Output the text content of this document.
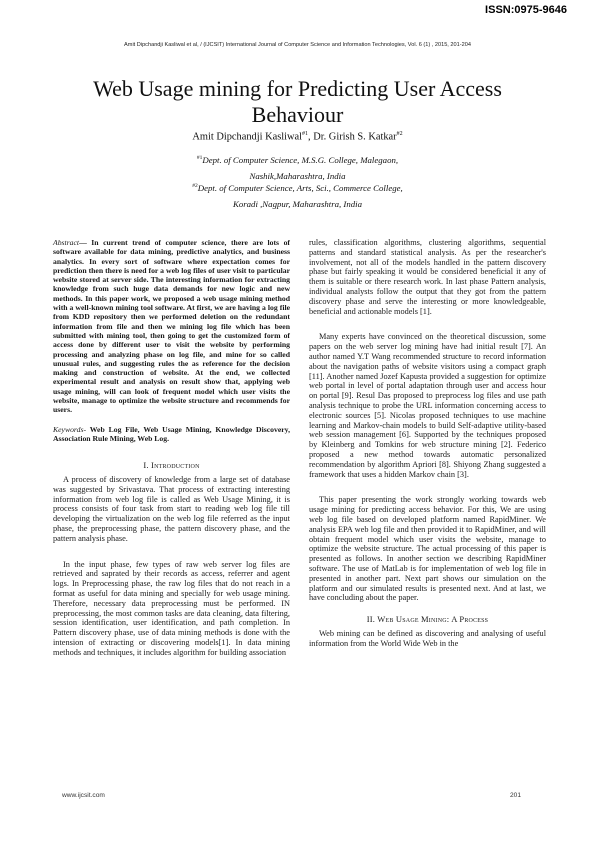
ISSN:0975-9646
Amit Dipchandji Kasliwal et al, / (IJCSIT) International Journal of Computer Science and Information Technologies, Vol. 6 (1) , 2015, 201-204
Web Usage mining for Predicting User Access
Behaviour
Amit Dipchandji Kasliwal$^{\#1}$, Dr. Girish S. Katkar$^{\#2}$
$^{\#1}$Dept. of Computer Science, M.S.G. College, Malegaon,
Nashik,Maharashtra, India
$^{\#2}$Dept. of Computer Science, Arts, Sci., Commerce College,
Koradi ,Nagpur, Maharashtra, India

Abstract— In current trend of computer science, there are lots of software available for data mining, predictive analytics, and business analytics. In every sort of software where expectation comes for prediction then there is need for a web log files of user visit to particular website stored at server side. The interesting information for extracting knowledge from such huge data demands for new logic and new methods. In this paper work, we proposed a web usage mining method with a well-known mining tool software. At first, we are having a log file from KDD repository then we performed deletion on the redundant information from file and then we mining log file which has been submitted with mining tool, then going to get the customized form of access done by different user to visit the website by performing processing and analyzing phase on log file, and mine for so called unusual rules, and suggesting rules the as reference for the decision making and construction of website. At the end, we collected experimental result and analysis on result show that, applying web usage mining, will can look of frequent model which user visits the website, manage to optimize the website structure and recommends for users.

Keywords- Web Log File, Web Usage Mining, Knowledge Discovery, Association Rule Mining, Web Log.

I. Introduction

A process of discovery of knowledge from a large set of database was suggested by Srivastava. That process of extracting interesting information from web log file is called as Web Usage Mining, it is process consists of four task from start to reading web log file till developing the virtualization on the web log file referred as the input phase, the preprocessing phase, the pattern discovery phase, and the pattern analysis phase.

In the input phase, few types of raw web server log files are retrieved and saprated by their records as access, referrer and agent logs. In Preprocessing phase, the raw log files that do not reach in a format as useful for data mining and specially for web usage mining. Therefore, necessary data preprocessing must be performed. IN preprocessing, the most common tasks are data cleaning, data filtering, session identification, user identification, and path completion. In Pattern discovery phase, use of data mining methods is done with the intension of extracting or discovering models[1]. In data mining methods and techniques, it includes algorithm for building association

rules, classification algorithms, clustering algorithms, sequential patterns and standard statistical analysis. As per the researcher's involvement, not all of the models handled in the pattern discovery phase but fairly speaking it would be considered beneficial it any of them is suitable or there research work. In last phase Pattern analysis, individual analysts follow the output that they got from the pattern discovery phase and serve the interesting or more knowledgeable, beneficial and actionable models [1].

Many experts have convinced on the theoretical discussion, some papers on the web server log mining have had initial result [7]. An author named Y.T Wang recommended structure to record information about the navigation paths of website visitors using a compact graph [11]. Another named Jozef Kapusta provided a suggestion for optimize web portal in level of portal adaptation through user and access hour on portal [9]. Resul Das proposed to preprocess log files and use path analysis technique to probe the URL information concerning access to electronic sources [5]. Nicolas proposed techniques to use machine learning and Markov-chain models to build Self-adaptive utility-based web session management [6]. Supported by the techniques proposed by Kleinberg and Tomkins for web structure mining [2]. Federico proposed a new method towards automatic personalized recommendation by algorithm Apriori [8]. Shiyong Zhang suggested a framework that uses a hidden Markov chain [3].

This paper presenting the work strongly working towards web usage mining for predicting access behavior. For this, We are using web log file based on developed platform named RapidMiner. We analysis EPA web log file and then provided it to RapidMiner, and will obtain frequent model which user visits the website, manage to optimize the website structure. The actual processing of this paper is presented as follows. In another section we describing RapidMiner software. The use of MatLab is for implementation of web log file in presented in another part. Next part shows our simulation on the platform and our simulated results is presented next. And at last, we have concluding about the paper.

II. Web Usage Mining: A Process

Web mining can be defined as discovering and analysing of useful information from the World Wide Web in the

www.ijcsit.com	201
